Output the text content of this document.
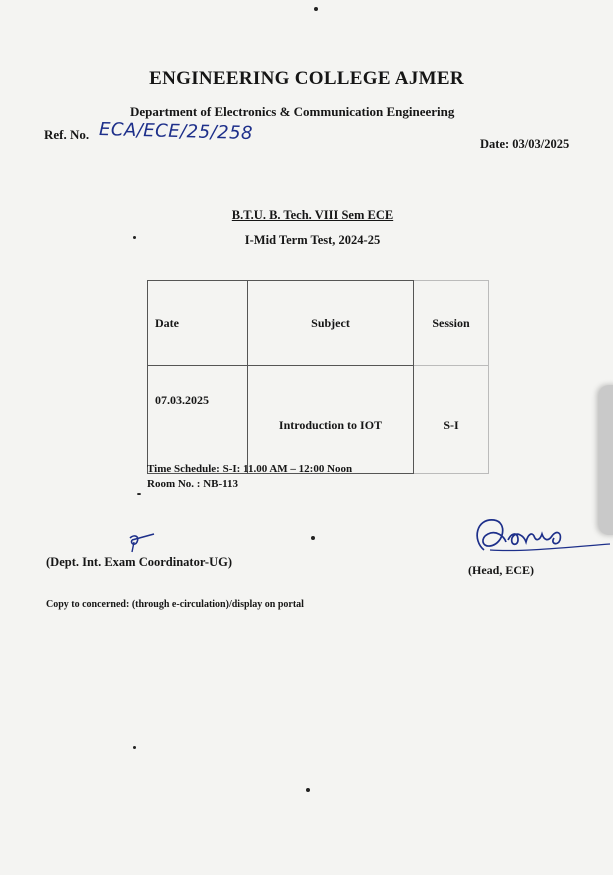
ENGINEERING COLLEGE AJMER
Department of Electronics & Communication Engineering
Ref. No. ECA/ECE/25/258	Date: 03/03/2025
B.T.U. B. Tech. VIII Sem ECE
I-Mid Term Test, 2024-25
Date	Subject	Session
07.03.2025	Introduction to IOT	S-I
Time Schedule: S-I: 11.00 AM – 12:00 Noon
Room No. : NB-113
(Dept. Int. Exam Coordinator-UG)
(Head, ECE)
Copy to concerned: (through e-circulation)/display on portal
